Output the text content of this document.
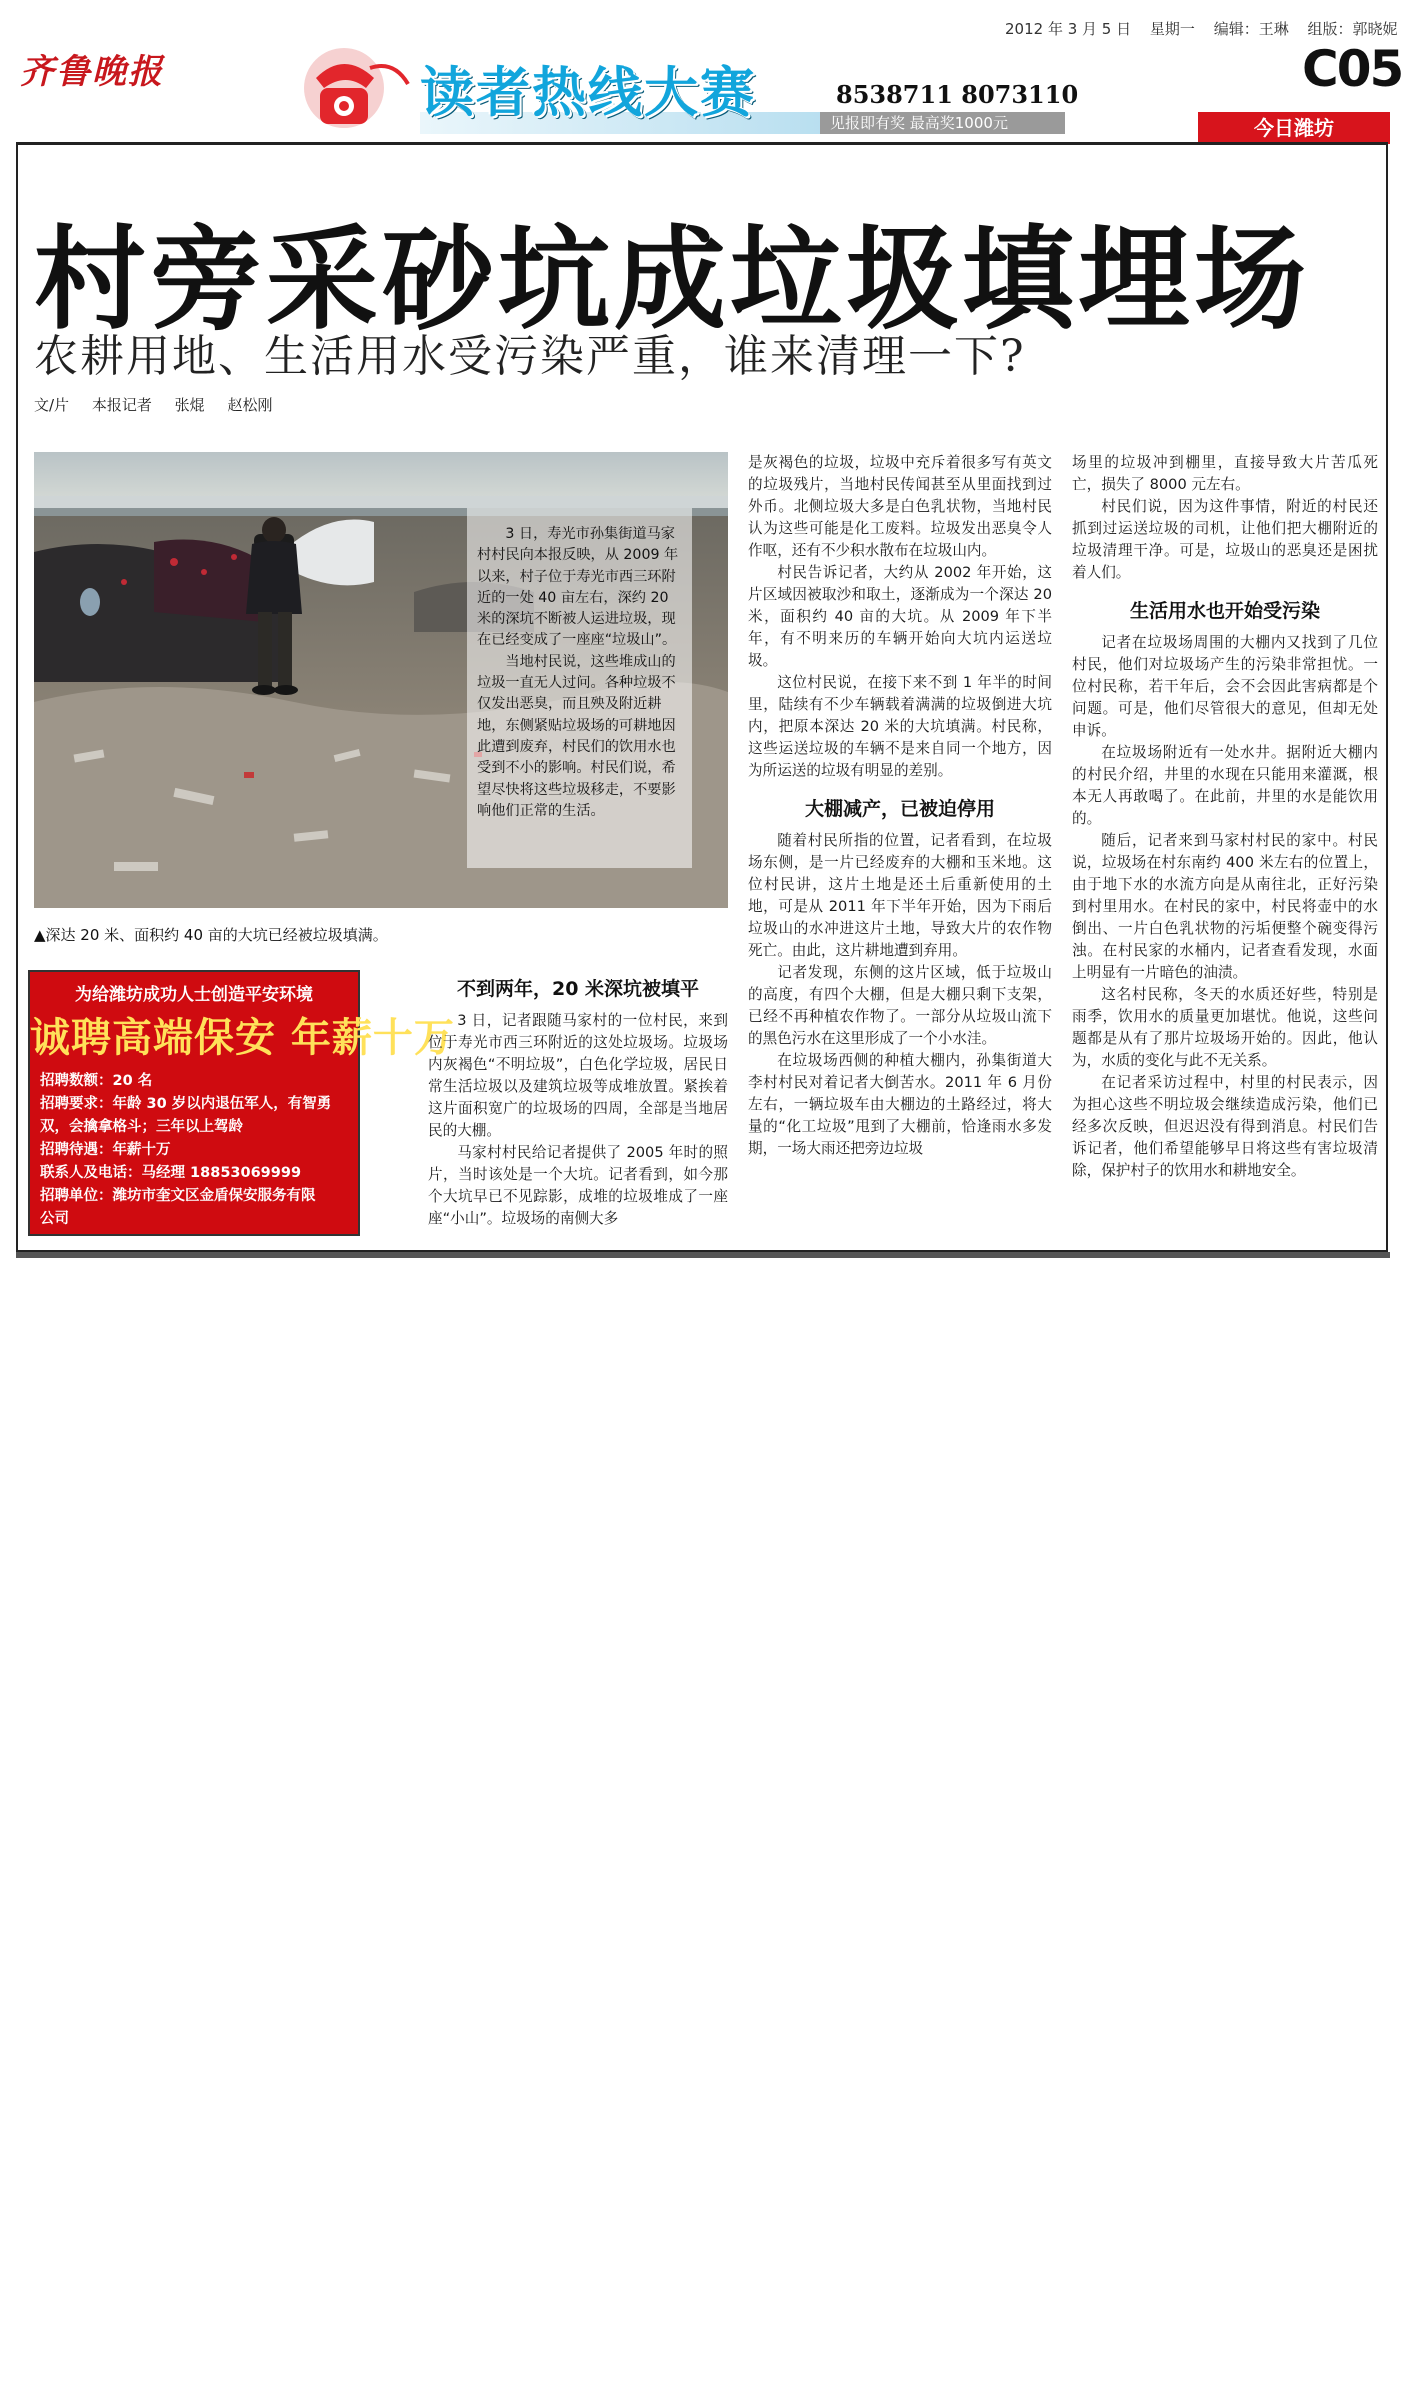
齐鲁晚报
2012 年 3 月 5 日 星期一 编辑：王琳 组版：郭晓妮
C05
读者热线大赛	8538711 8073110
见报即有奖 最高奖1000元	今日潍坊
村旁采砂坑成垃圾填埋场
农耕用地、生活用水受污染严重，谁来清理一下?
文/片 本报记者 张焜 赵松刚

3 日，寿光市孙集街道马家村村民向本报反映，从 2009 年以来，村子位于寿光市西三环附近的一处 40 亩左右，深约 20 米的深坑不断被人运进垃圾，现在已经变成了一座座“垃圾山”。

当地村民说，这些堆成山的垃圾一直无人过问。各种垃圾不仅发出恶臭，而且殃及附近耕地，东侧紧贴垃圾场的可耕地因此遭到废弃，村民们的饮用水也受到不小的影响。村民们说，希望尽快将这些垃圾移走，不要影响他们正常的生活。

▲深达 20 米、面积约 40 亩的大坑已经被垃圾填满。
为给潍坊成功人士创造平安环境
诚聘高端保安 年薪十万
招聘数额：20 名
招聘要求：年龄 30 岁以内退伍军人，有智勇
双，会擒拿格斗；三年以上驾龄
招聘待遇：年薪十万
联系人及电话：马经理 18853069999
招聘单位：潍坊市奎文区金盾保安服务有限
公司
不到两年，20 米深坑被填平

3 日，记者跟随马家村的一位村民，来到位于寿光市西三环附近的这处垃圾场。垃圾场内灰褐色“不明垃圾”，白色化学垃圾，居民日常生活垃圾以及建筑垃圾等成堆放置。紧挨着这片面积宽广的垃圾场的四周，全部是当地居民的大棚。

马家村村民给记者提供了 2005 年时的照片，当时该处是一个大坑。记者看到，如今那个大坑早已不见踪影，成堆的垃圾堆成了一座座“小山”。垃圾场的南侧大多

是灰褐色的垃圾，垃圾中充斥着很多写有英文的垃圾残片，当地村民传闻甚至从里面找到过外币。北侧垃圾大多是白色乳状物，当地村民认为这些可能是化工废料。垃圾发出恶臭令人作呕，还有不少积水散布在垃圾山内。

村民告诉记者，大约从 2002 年开始，这片区域因被取沙和取土，逐渐成为一个深达 20 米，面积约 40 亩的大坑。从 2009 年下半年，有不明来历的车辆开始向大坑内运送垃圾。

这位村民说，在接下来不到 1 年半的时间里，陆续有不少车辆载着满满的垃圾倒进大坑内，把原本深达 20 米的大坑填满。村民称，这些运送垃圾的车辆不是来自同一个地方，因为所运送的垃圾有明显的差别。

大棚减产，已被迫停用

随着村民所指的位置，记者看到，在垃圾场东侧，是一片已经废弃的大棚和玉米地。这位村民讲，这片土地是还土后重新使用的土地，可是从 2011 年下半年开始，因为下雨后垃圾山的水冲进这片土地，导致大片的农作物死亡。由此，这片耕地遭到弃用。

记者发现，东侧的这片区域，低于垃圾山的高度，有四个大棚，但是大棚只剩下支架，已经不再种植农作物了。一部分从垃圾山流下的黑色污水在这里形成了一个小水洼。

在垃圾场西侧的种植大棚内，孙集街道大李村村民对着记者大倒苦水。2011 年 6 月份左右，一辆垃圾车由大棚边的土路经过，将大量的“化工垃圾”甩到了大棚前，恰逢雨水多发期，一场大雨还把旁边垃圾

场里的垃圾冲到棚里，直接导致大片苦瓜死亡，损失了 8000 元左右。

村民们说，因为这件事情，附近的村民还抓到过运送垃圾的司机，让他们把大棚附近的垃圾清理干净。可是，垃圾山的恶臭还是困扰着人们。

生活用水也开始受污染

记者在垃圾场周围的大棚内又找到了几位村民，他们对垃圾场产生的污染非常担忧。一位村民称，若干年后，会不会因此害病都是个问题。可是，他们尽管很大的意见，但却无处申诉。

在垃圾场附近有一处水井。据附近大棚内的村民介绍，井里的水现在只能用来灌溉，根本无人再敢喝了。在此前，井里的水是能饮用的。

随后，记者来到马家村村民的家中。村民说，垃圾场在村东南约 400 米左右的位置上，由于地下水的水流方向是从南往北，正好污染到村里用水。在村民的家中，村民将壶中的水倒出、一片白色乳状物的污垢便整个碗变得污浊。在村民家的水桶内，记者查看发现，水面上明显有一片暗色的油渍。

这名村民称，冬天的水质还好些，特别是雨季，饮用水的质量更加堪忧。他说，这些问题都是从有了那片垃圾场开始的。因此，他认为，水质的变化与此不无关系。

在记者采访过程中，村里的村民表示，因为担心这些不明垃圾会继续造成污染，他们已经多次反映，但迟迟没有得到消息。村民们告诉记者，他们希望能够早日将这些有害垃圾清除，保护村子的饮用水和耕地安全。
